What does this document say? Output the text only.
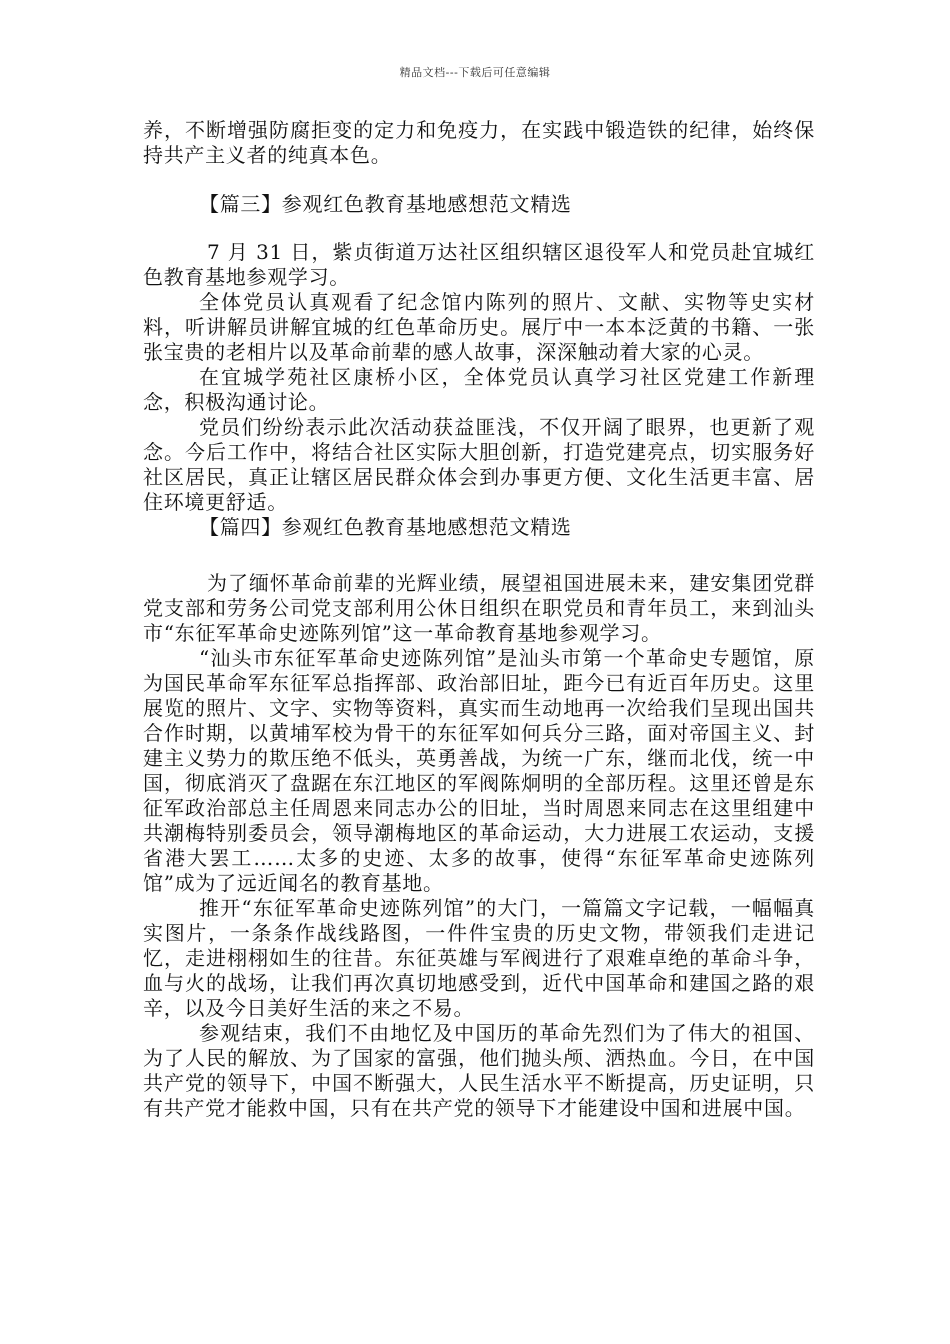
精品文档---下载后可任意编辑

养，不断增强防腐拒变的定力和免疫力，在实践中锻造铁的纪律，始终保持共产主义者的纯真本色。

【篇三】参观红色教育基地感想范文精选

7 月 31 日，紫贞街道万达社区组织辖区退役军人和党员赴宜城红色教育基地参观学习。

全体党员认真观看了纪念馆内陈列的照片、文献、实物等史实材料，听讲解员讲解宜城的红色革命历史。展厅中一本本泛黄的书籍、一张张宝贵的老相片以及革命前辈的感人故事，深深触动着大家的心灵。

在宜城学苑社区康桥小区，全体党员认真学习社区党建工作新理念，积极沟通讨论。

党员们纷纷表示此次活动获益匪浅，不仅开阔了眼界，也更新了观念。今后工作中，将结合社区实际大胆创新，打造党建亮点，切实服务好社区居民，真正让辖区居民群众体会到办事更方便、文化生活更丰富、居住环境更舒适。

【篇四】参观红色教育基地感想范文精选

为了缅怀革命前辈的光辉业绩，展望祖国进展未来，建安集团党群党支部和劳务公司党支部利用公休日组织在职党员和青年员工，来到汕头市“东征军革命史迹陈列馆”这一革命教育基地参观学习。

“汕头市东征军革命史迹陈列馆”是汕头市第一个革命史专题馆，原为国民革命军东征军总指挥部、政治部旧址，距今已有近百年历史。这里展览的照片、文字、实物等资料，真实而生动地再一次给我们呈现出国共合作时期，以黄埔军校为骨干的东征军如何兵分三路，面对帝国主义、封建主义势力的欺压绝不低头，英勇善战，为统一广东，继而北伐，统一中国，彻底消灭了盘踞在东江地区的军阀陈炯明的全部历程。这里还曾是东征军政治部总主任周恩来同志办公的旧址，当时周恩来同志在这里组建中共潮梅特别委员会，领导潮梅地区的革命运动，大力进展工农运动，支援省港大罢工……太多的史迹、太多的故事，使得“东征军革命史迹陈列馆”成为了远近闻名的教育基地。

推开“东征军革命史迹陈列馆”的大门，一篇篇文字记载，一幅幅真实图片，一条条作战线路图，一件件宝贵的历史文物，带领我们走进记忆，走进栩栩如生的往昔。东征英雄与军阀进行了艰难卓绝的革命斗争，血与火的战场，让我们再次真切地感受到，近代中国革命和建国之路的艰辛，以及今日美好生活的来之不易。

参观结束，我们不由地忆及中国历的革命先烈们为了伟大的祖国、为了人民的解放、为了国家的富强，他们抛头颅、洒热血。今日，在中国共产党的领导下，中国不断强大，人民生活水平不断提高，历史证明，只有共产党才能救中国，只有在共产党的领导下才能建设中国和进展中国。
